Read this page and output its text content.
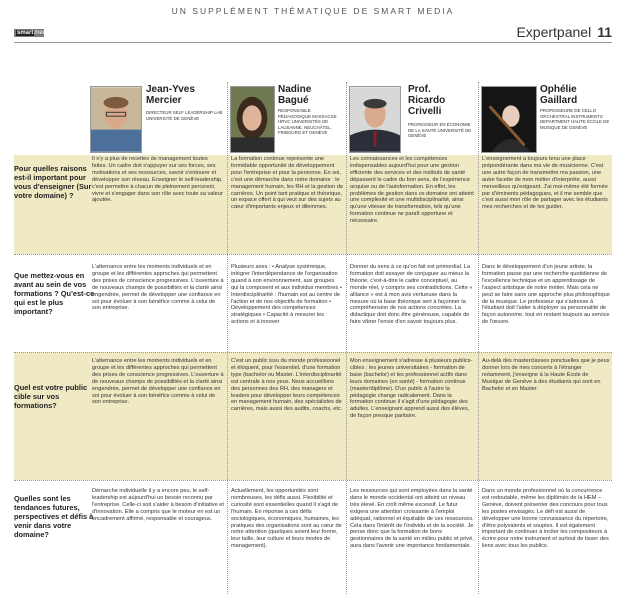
UN SUPPLÉMENT THÉMATIQUE DE SMART MEDIA
smartmedia	Expertpanel 11
Jean-Yves
Mercier
DIRECTEUR SELF LEADERSHIP LAB UNIVERSITÉ DE GENÈVE
Nadine
Bagué
RESPONSABLE PÉDAGOGIQUE MASSACSS HRVC UNIVERSITÉS DE LAUSANNE, NEUCHÂTEL, FRIBOURG ET GENÈVE
Prof.
Ricardo
Crivelli
PROFESSEUR EN ÉCONOMIE DE LA SANTÉ UNIVERSITÉ DE GENÈVE
Ophélie
Gaillard
PROFESSEURE DE CELLO ORCHESTRAL INSTRUMENTS DEPARTMENT HAUTE ÉCOLE DE MUSIQUE DE GENÈVE
Pour quelles raisons est-il important pour vous d'enseigner (Sur votre domaine) ?
Que mettez-vous en avant au sein de vos formations ? Qu'est-ce qui est le plus important?
Quel est votre public cible sur vos formations?
Quelles sont les tendances futures, perspectives et défis à venir dans votre domaine?
Il n'y a plus de recettes de management toutes faites. Un cadre doit s'appuyer sur ses forces, ses motivations et ses ressources, savoir s'entourer et développer son réseau. Enseigner le self-leadership, c'est permettre à chacun de pleinement percevoir, vivre et s'engager dans son rôle avec toute sa valeur ajoutée.
La formation continue représente une formidable opportunité de développement pour l'entreprise et pour la personne. En soi, c'est une démarche dans notre domaine : le management humain, les RH et la gestion de carrières. Un point tant pratique et théorique, un espace offert à qui veut sur des sujets au cœur d'importants enjeux et dilemmes.
Les connaissances et les compétences indispensables aujourd'hui pour une gestion efficiente des services et des instituts de santé dépassent le cadre du bon sens, de l'expérience acquise ou de l'autoformation. En effet, les problèmes de gestion dans ce domaine ont atteint une complexité et une multidisciplinarité, ainsi qu'une vitesse de transformation, tels qu'une formation continue ne paraît opportune et nécessaire.
L'enseignement a toujours tenu une place prépondérante dans ma vie de musicienne. C'est une autre façon de transmettre ma passion, une autre facette de mon métier d'interprète, aussi merveilleux qu'exigeant. J'ai moi-même été formée par d'éminents pédagogues, et il me semble que c'est aussi mon rôle de partager avec les étudiants mes recherches et de les guider.
L'alternance entre les moments individuels et en groupe et les différentes approches qui permettent des prises de conscience progressives. L'ouverture à de nouveaux champs de possibilités et la clarté ainsi engendrée, permet de développer une confiance en soi pour évoluer à son bénéfice comme à celui de son entreprise.
Plusieurs axes : • Analyse systémique, intégrer l'interdépendance de l'organisation quand à son environnement, aux groupes qui la composent et aux individus membres • Interdisciplinarité : l'humain est au centre de l'action et de nos objectifs de formation • Développement des compétences stratégiques • Capacité à mesurer les actions et à innover
Donner du sens à ce qu'on fait est primordial. La formation doit essayer de conjuguer au mieux la théorie, c'est-à-dire le cadre conceptuel, au monde réel, y compris ses contradictions. Cette « alliance » est à mon avis vertueuse dans la mesure où la base théorique sert à façonner la compréhension de nos actions concrètes. La didactique doit donc être généreuse, capable de faire vibrer l'envie d'en savoir toujours plus.
Dans le développement d'un jeune artiste, la formation passe par une recherche quotidienne de l'excellence technique et un apprentissage de l'aspect artistique de notre métier. Mais cela ne peut se faire sans une approche plus philosophique de la musique. Le professeur qui s'adresse à l'étudiant doit l'aider à déployer sa personnalité de façon autonome, tout en restant toujours au service de l'œuvre.
L'alternance entre les moments individuels et en groupe et les différentes approches qui permettent des prises de conscience progressives. L'ouverture à de nouveaux champs de possibilités et la clarté ainsi engendrée, permet de développer une confiance en soi pour évoluer à son bénéfice comme à celui de son entreprise.
C'est un public issu du monde professionnel et éloquent, pour l'essentiel, d'une formation type (bachelor ou Master. L'interdisciplinarité est centrale à nos yeux. Nous accueillons des personnes des RH, des managers et leaders pour développer leurs compétences en management humain, des spécialistes de carrières, mais aussi des audits, coachs, etc.
Mon enseignement s'adresse à plusieurs publics-cibles : les jeunes universitaires - formation de base (bachelor) et les professionnel actifs dans leurs domaines (en santé) - formation continue (master/diplôme). D'un public à l'autre la pédagogie change radicalement. Dans la formation continue il s'agit d'une pédagogie des adultes. L'enseignant apprend aussi des élèves, de façon presque paritaire.
Au-delà des masterclasses ponctuelles que je peux donner lors de mes concerts à l'étranger notamment, j'enseigne à la Haute École de Musique de Genève à des étudiants qui sont en Bachelor et en Master.
Démarche individuelle il y a encore peu, le self-leadership est aujourd'hui un besoin reconnu par l'entreprise. Celle-ci soit s'aider à besoin d'initiative et d'innovation. Elle a compris que le moteur en est un encadrement affirmé, responsable et courageux.
Actuellement, les opportunités sont nombreuses, les défis aussi. Flexibilité et curiosité sont essentielles quand il s'agit de l'humain. En réponse à ces défis sociologiques, économiques, humaines, les pratiques des organisations sont au cœur de notre attention (quelques soient leur forme, leur taille, leur culture et leurs modes de management).
Les ressources qui sont employées dans la santé dans le monde occidental ont atteint un niveau très élevé. En croît même excessif. Le futur exigera une attention croissante à l'emploi adéquat, rationnel et équitable de ces ressources. Cela dans l'intérêt de l'individu et de la société. Je pense donc que la formation de bons gestionnaires de la santé en milieu public et privé, aura dans l'avenir une importance fondamentale.
Dans un monde professionnel où la concurrence est redoutable, même les diplômés de la HEM – Genève, doivent présenter des concours pour tous les postes envisagés. Le défi est aussi de développer une bonne connaissance du répertoire, d'être polyvalents et souples. Il est également important de continuer à inciter les compositeurs à écrire pour notre instrument et surtout de tisser des liens avec tous les publics.
